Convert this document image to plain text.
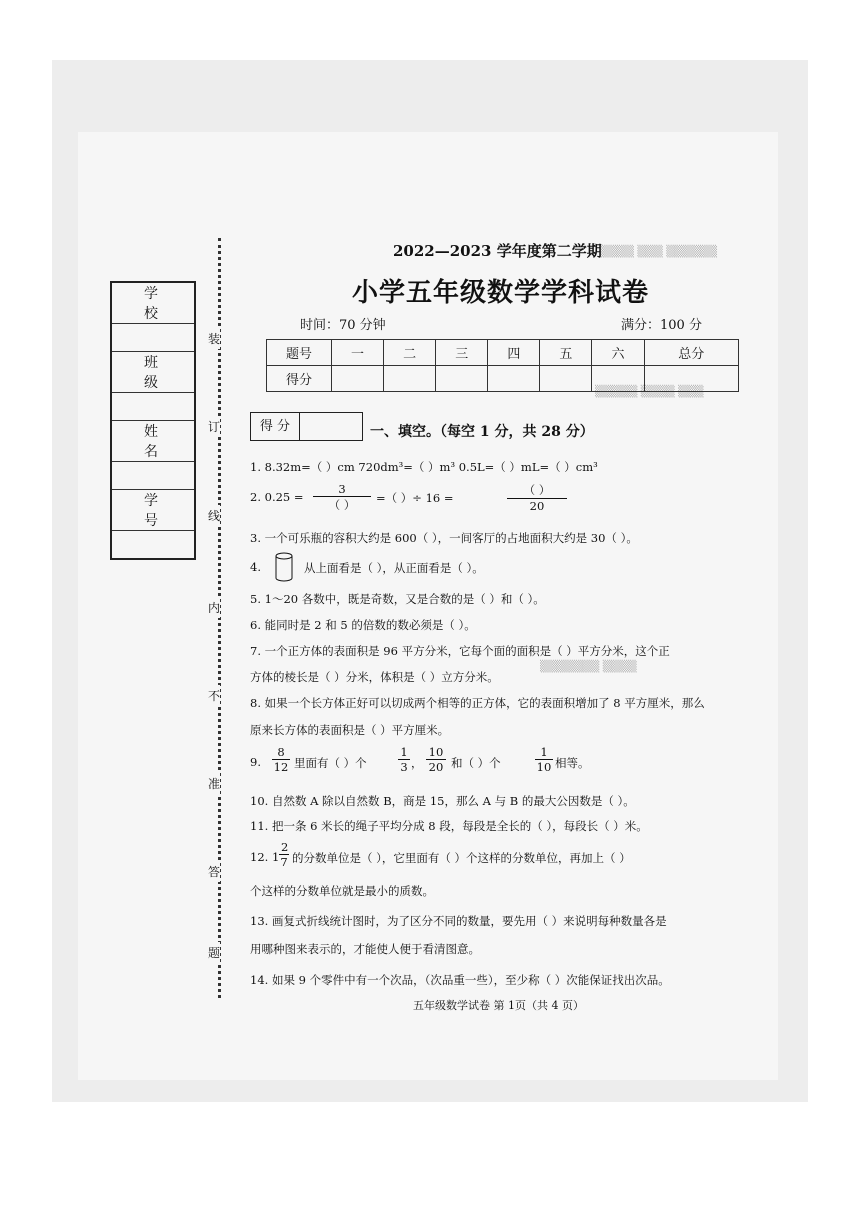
▒▒▒▒ ▒▒▒ ▒▒▒▒▒▒
▒▒▒▒▒ ▒▒▒▒ ▒▒▒
▒▒▒▒▒▒▒ ▒▒▒▒
学 校

班 级

姓 名

学 号

装
订
线
内
不
准
答
题
2022—2023 学年度第二学期
小学五年级数学学科试卷
时间：70 分钟	满分：100 分
题号	一	二	三	四	五	六	总分
得分							
得 分	一、填空。（每空 1 分，共 28 分）
1. 8.32m=（ ）cm 720dm³=（ ）m³ 0.5L=（ ）mL=（ ）cm³
2. 0.25 =
3
（ ）	=（ ）÷ 16 =
（ ）
20
3. 一个可乐瓶的容积大约是 600（ ），一间客厅的占地面积大约是 30（ ）。
4.	从上面看是（ ），从正面看是（ ）。
5. 1～20 各数中，既是奇数，又是合数的是（ ）和（ ）。
6. 能同时是 2 和 5 的倍数的数必须是（ ）。
7. 一个正方体的表面积是 96 平方分米，它每个面的面积是（ ）平方分米，这个正
方体的棱长是（ ）分米，体积是（ ）立方分米。
8. 如果一个长方体正好可以切成两个相等的正方体，它的表面积增加了 8 平方厘米，那么
原来长方体的表面积是（ ）平方厘米。
9. $\frac{8}{12}$ 里面有（ ）个	$\frac{1}{3}$ ， $\frac{10}{20}$ 和（ ）个	$\frac{1}{10}$ 相等。
10. 自然数 A 除以自然数 B，商是 15，那么 A 与 B 的最大公因数是（ ）。
11. 把一条 6 米长的绳子平均分成 8 段，每段是全长的（ ），每段长（ ）米。
12. $1 \frac{2}{7}$ 的分数单位是（ ），它里面有（ ）个这样的分数单位，再加上（ ）
个这样的分数单位就是最小的质数。
13. 画复式折线统计图时，为了区分不同的数量，要先用（ ）来说明每种数量各是
用哪种图来表示的，才能使人便于看清图意。
14. 如果 9 个零件中有一个次品，（次品重一些），至少称（ ）次能保证找出次品。
五年级数学试卷 第 1页（共 4 页）
